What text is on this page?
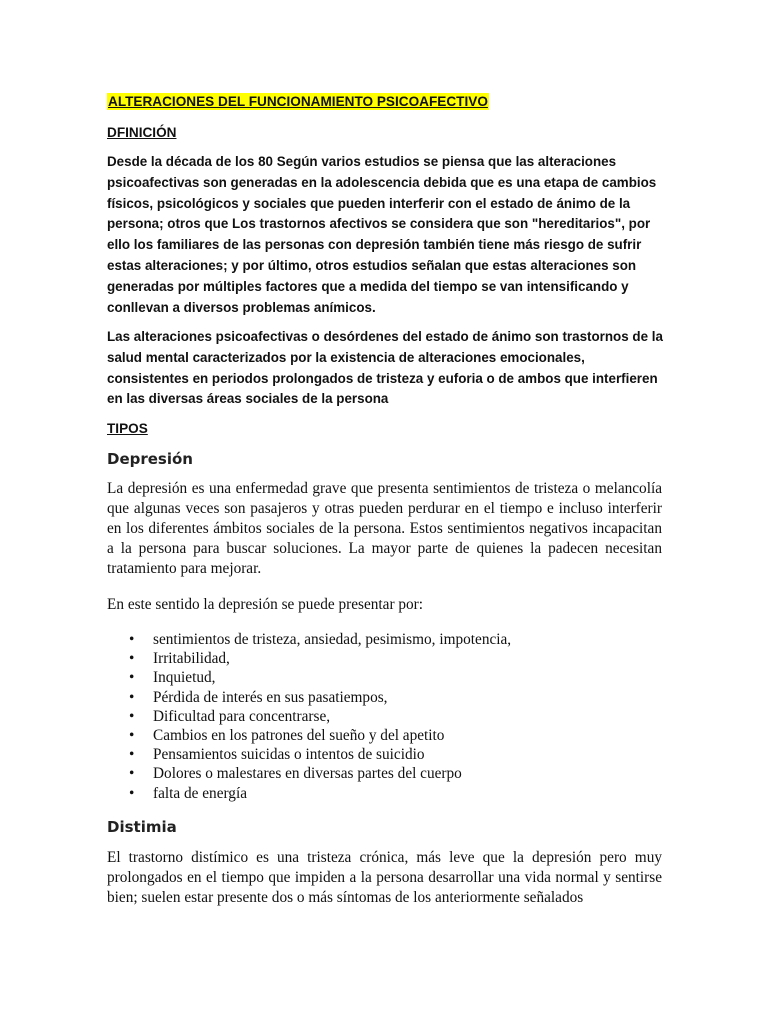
ALTERACIONES DEL FUNCIONAMIENTO PSICOAFECTIVO
DFINICIÓN

Desde la década de los 80 Según varios estudios se piensa que las alteraciones psicoafectivas son generadas en la adolescencia debida que es una etapa de cambios físicos, psicológicos y sociales que pueden interferir con el estado de ánimo de la persona; otros que Los trastornos afectivos se considera que son "hereditarios", por ello los familiares de las personas con depresión también tiene más riesgo de sufrir estas alteraciones; y por último, otros estudios señalan que estas alteraciones son generadas por múltiples factores que a medida del tiempo se van intensificando y conllevan a diversos problemas anímicos.

Las alteraciones psicoafectivas o desórdenes del estado de ánimo son trastornos de la salud mental caracterizados por la existencia de alteraciones emocionales, consistentes en periodos prolongados de tristeza y euforia o de ambos que interfieren en las diversas áreas sociales de la persona

TIPOS
Depresión

La depresión es una enfermedad grave que presenta sentimientos de tristeza o melancolía que algunas veces son pasajeros y otras pueden perdurar en el tiempo e incluso interferir en los diferentes ámbitos sociales de la persona. Estos sentimientos negativos incapacitan a la persona para buscar soluciones. La mayor parte de quienes la padecen necesitan tratamiento para mejorar.

En este sentido la depresión se puede presentar por:

• sentimientos de tristeza, ansiedad, pesimismo, impotencia,
• Irritabilidad,
• Inquietud,
• Pérdida de interés en sus pasatiempos,
• Dificultad para concentrarse,
• Cambios en los patrones del sueño y del apetito
• Pensamientos suicidas o intentos de suicidio
• Dolores o malestares en diversas partes del cuerpo
• falta de energía
Distimia

El trastorno distímico es una tristeza crónica, más leve que la depresión pero muy prolongados en el tiempo que impiden a la persona desarrollar una vida normal y sentirse bien; suelen estar presente dos o más síntomas de los anteriormente señalados
